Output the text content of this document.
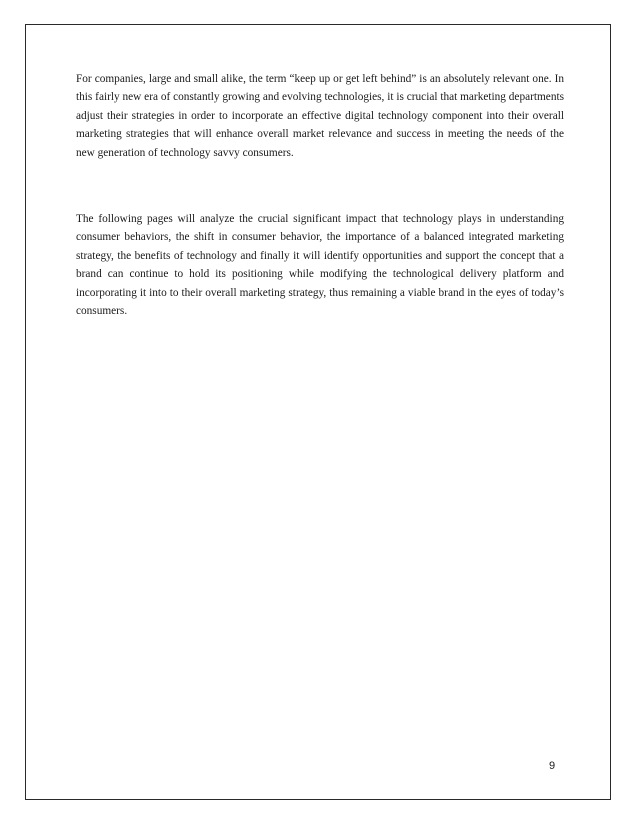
For companies, large and small alike, the term “keep up or get left behind” is an absolutely relevant one. In this fairly new era of constantly growing and evolving technologies, it is crucial that marketing departments adjust their strategies in order to incorporate an effective digital technology component into their overall marketing strategies that will enhance overall market relevance and success in meeting the needs of the new generation of technology savvy consumers.

The following pages will analyze the crucial significant impact that technology plays in understanding consumer behaviors, the shift in consumer behavior, the importance of a balanced integrated marketing strategy, the benefits of technology and finally it will identify opportunities and support the concept that a brand can continue to hold its positioning while modifying the technological delivery platform and incorporating it into to their overall marketing strategy, thus remaining a viable brand in the eyes of today’s consumers.

9
